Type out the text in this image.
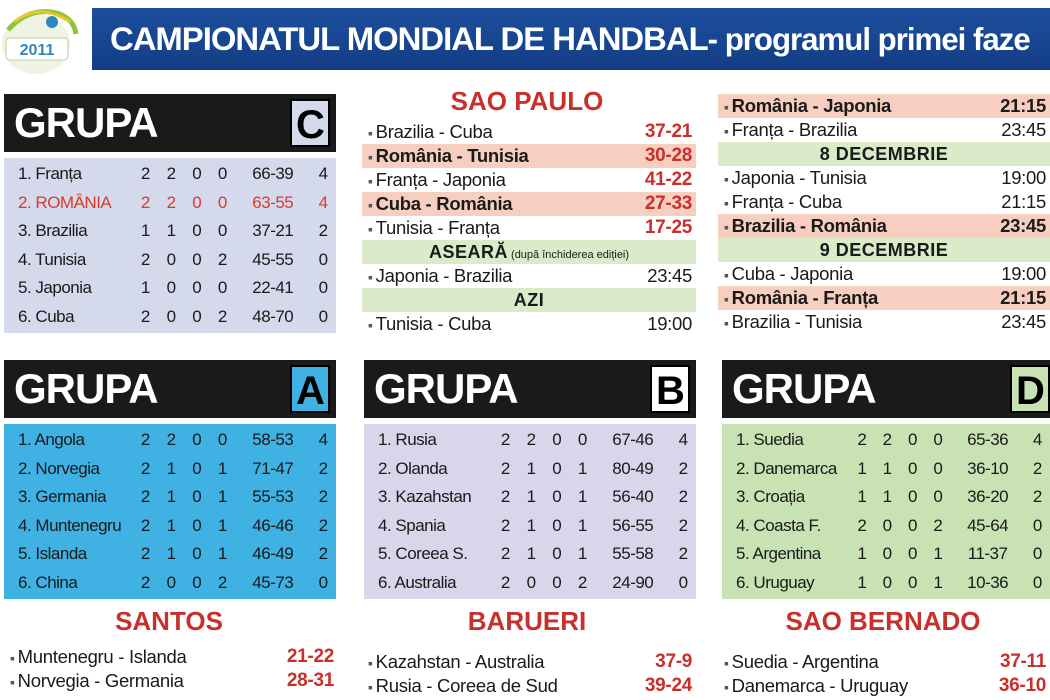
2011	CAMPIONATUL MONDIAL DE HANDBAL- programul primei faze
GRUPA	C
1. Franța	2 2 0 0	66-39	4
2. ROMÂNIA	2 2 0 0	63-55	4
3. Brazilia	1 1 0 0	37-21	2
4. Tunisia	2 0 0 2	45-55	0
5. Japonia	1 0 0 0	22-41	0
6. Cuba	2 0 0 2	48-70	0
GRUPA	A
1. Angola	2 2 0 0	58-53	4
2. Norvegia	2 1 0 1	71-47	2
3. Germania	2 1 0 1	55-53	2
4. Muntenegru	2 1 0 1	46-46	2
5. Islanda	2 1 0 1	46-49	2
6. China	2 0 0 2	45-73	0
GRUPA	B
1. Rusia	2 2 0 0	67-46	4
2. Olanda	2 1 0 1	80-49	2
3. Kazahstan	2 1 0 1	56-40	2
4. Spania	2 1 0 1	56-55	2
5. Coreea S.	2 1 0 1	55-58	2
6. Australia	2 0 0 2	24-90	0
GRUPA	D
1. Suedia	2 2 0 0	65-36	4
2. Danemarca	1 1 0 0	36-10	2
3. Croația	1 1 0 0	36-20	2
4. Coasta F.	2 0 0 2	45-64	0
5. Argentina	1 0 0 1	11-37	0
6. Uruguay	1 0 0 1	10-36	0
SAO PAULO
▪ Brazilia - Cuba	37-21
▪ România - Tunisia	30-28
▪ Franța - Japonia	41-22
▪ Cuba - România	27-33
▪ Tunisia - Franța	17-25
ASEARĂ (după închiderea ediției)
▪ Japonia - Brazilia	23:45
AZI
▪ Tunisia - Cuba	19:00
▪ România - Japonia	21:15
▪ Franța - Brazilia	23:45
8 DECEMBRIE
▪ Japonia - Tunisia	19:00
▪ Franța - Cuba	21:15
▪ Brazilia - România	23:45
9 DECEMBRIE
▪ Cuba - Japonia	19:00
▪ România - Franța	21:15
▪ Brazilia - Tunisia	23:45
SANTOS
▪ Muntenegru - Islanda	21-22
▪ Norvegia - Germania	28-31
BARUERI
▪ Kazahstan - Australia	37-9
▪ Rusia - Coreea de Sud	39-24
SAO BERNADO
▪ Suedia - Argentina	37-11
▪ Danemarca - Uruguay	36-10
